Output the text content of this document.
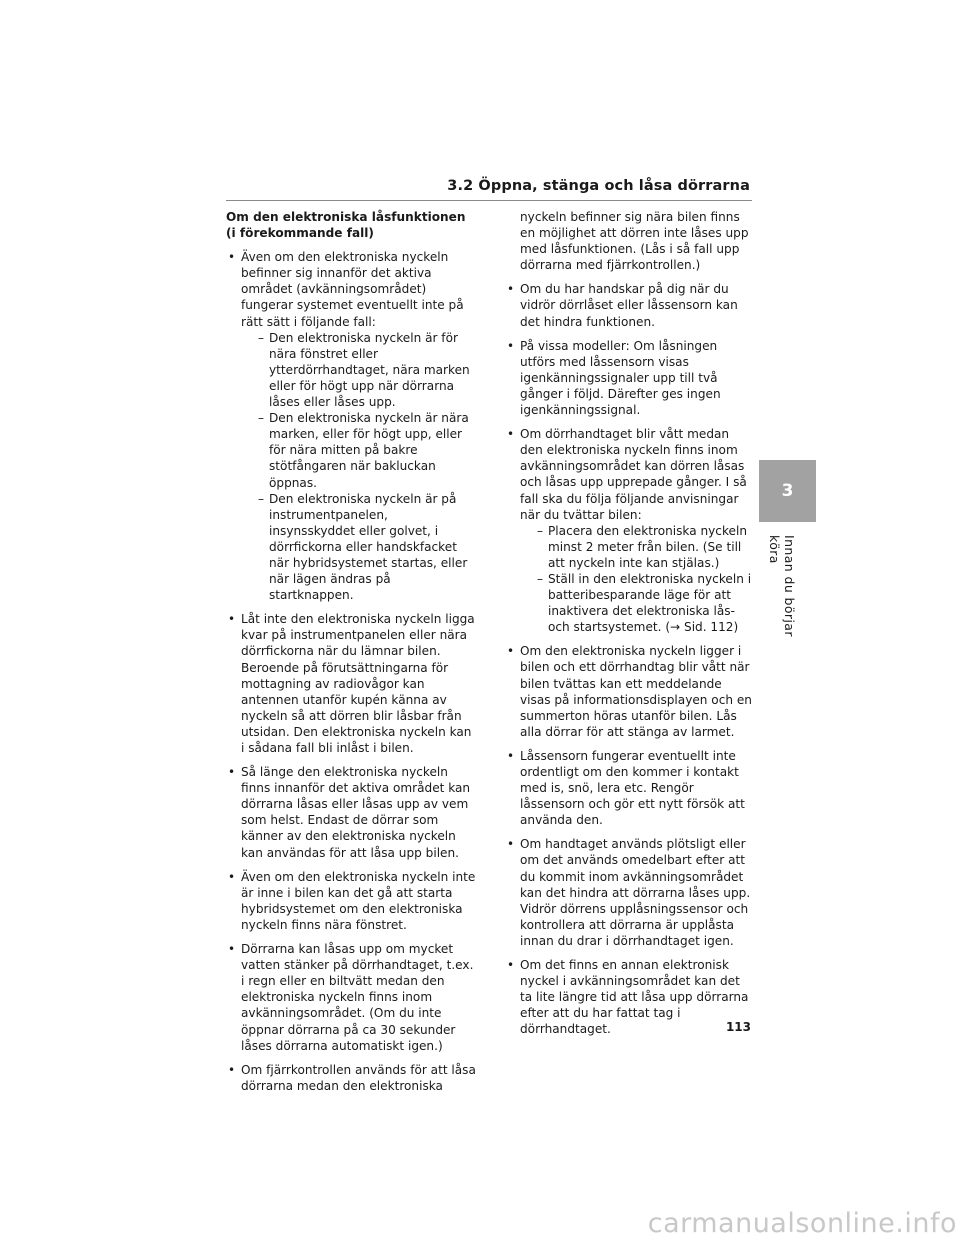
3.2 Öppna, stänga och låsa dörrarna
Om den elektroniska låsfunktionen
(i förekommande fall)
• Även om den elektroniska nyckeln befinner sig innanför det aktiva området (avkänningsområdet) fungerar systemet eventuellt inte på rätt sätt i följande fall:
– Den elektroniska nyckeln är för nära fönstret eller ytterdörrhandtaget, nära marken eller för högt upp när dörrarna låses eller låses upp.
– Den elektroniska nyckeln är nära marken, eller för högt upp, eller för nära mitten på bakre stötfångaren när bakluckan öppnas.
– Den elektroniska nyckeln är på instrumentpanelen, insynsskyddet eller golvet, i dörrfickorna eller handskfacket när hybridsystemet startas, eller när lägen ändras på startknappen.
• Låt inte den elektroniska nyckeln ligga kvar på instrumentpanelen eller nära dörrfickorna när du lämnar bilen. Beroende på förutsättningarna för mottagning av radiovågor kan antennen utanför kupén känna av nyckeln så att dörren blir låsbar från utsidan. Den elektroniska nyckeln kan i sådana fall bli inlåst i bilen.
• Så länge den elektroniska nyckeln finns innanför det aktiva området kan dörrarna låsas eller låsas upp av vem som helst. Endast de dörrar som känner av den elektroniska nyckeln kan användas för att låsa upp bilen.
• Även om den elektroniska nyckeln inte är inne i bilen kan det gå att starta hybridsystemet om den elektroniska nyckeln finns nära fönstret.
• Dörrarna kan låsas upp om mycket vatten stänker på dörrhandtaget, t.ex. i regn eller en biltvätt medan den elektroniska nyckeln finns inom avkänningsområdet. (Om du inte öppnar dörrarna på ca 30 sekunder låses dörrarna automatiskt igen.)
• Om fjärrkontrollen används för att låsa dörrarna medan den elektroniska
nyckeln befinner sig nära bilen finns en möjlighet att dörren inte låses upp med låsfunktionen. (Lås i så fall upp dörrarna med fjärrkontrollen.)
• Om du har handskar på dig när du vidrör dörrlåset eller låssensorn kan det hindra funktionen.
• På vissa modeller: Om låsningen utförs med låssensorn visas igenkänningssignaler upp till två gånger i följd. Därefter ges ingen igenkänningssignal.
• Om dörrhandtaget blir vått medan den elektroniska nyckeln finns inom avkänningsområdet kan dörren låsas och låsas upp upprepade gånger. I så fall ska du följa följande anvisningar när du tvättar bilen:
– Placera den elektroniska nyckeln minst 2 meter från bilen. (Se till att nyckeln inte kan stjälas.)
– Ställ in den elektroniska nyckeln i batteribesparande läge för att inaktivera det elektroniska lås- och startsystemet. (→ Sid. 112)
• Om den elektroniska nyckeln ligger i bilen och ett dörrhandtag blir vått när bilen tvättas kan ett meddelande visas på informationsdisplayen och en summerton höras utanför bilen. Lås alla dörrar för att stänga av larmet.
• Låssensorn fungerar eventuellt inte ordentligt om den kommer i kontakt med is, snö, lera etc. Rengör låssensorn och gör ett nytt försök att använda den.
• Om handtaget används plötsligt eller om det används omedelbart efter att du kommit inom avkänningsområdet kan det hindra att dörrarna låses upp. Vidrör dörrens upplåsningssensor och kontrollera att dörrarna är upplåsta innan du drar i dörrhandtaget igen.
• Om det finns en annan elektronisk nyckel i avkänningsområdet kan det ta lite längre tid att låsa upp dörrarna efter att du har fattat tag i dörrhandtaget.
3
Innan du börjar köra
113
carmanualsonline.info
